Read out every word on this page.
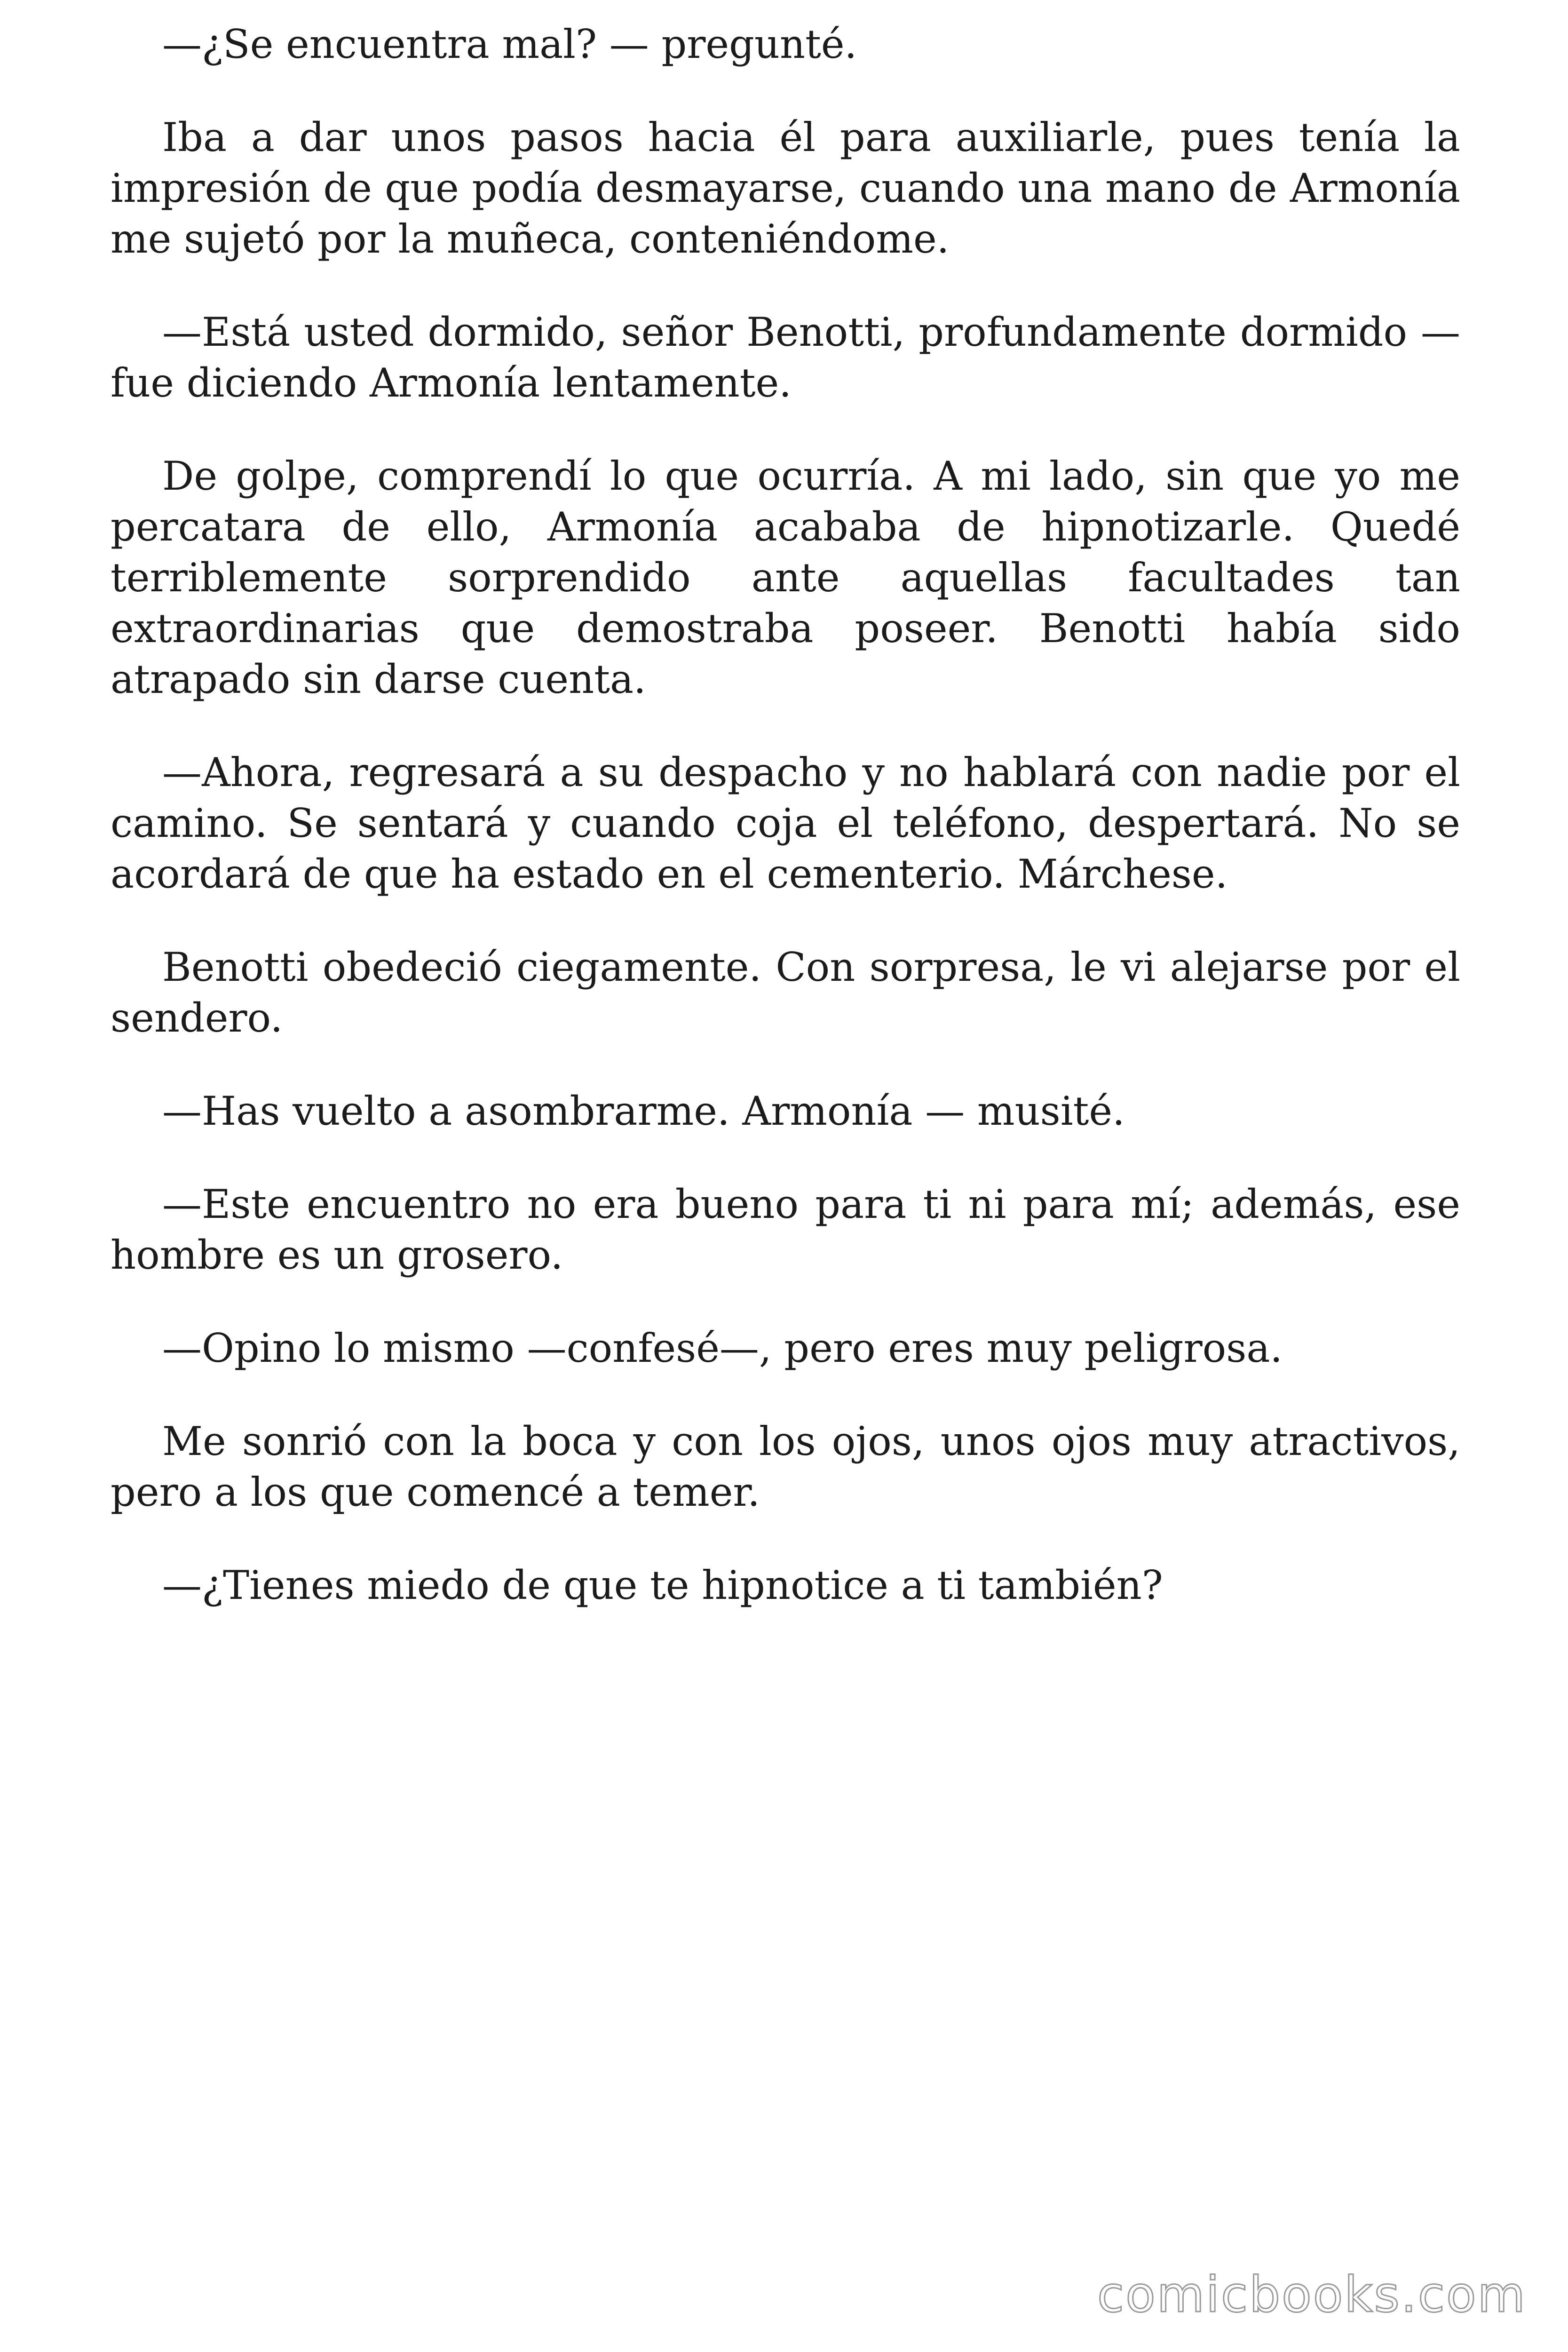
—¿Se encuentra mal? — pregunté.

Iba a dar unos pasos hacia él para auxiliarle, pues tenía la impresión de que podía desmayarse, cuando una mano de Armonía me sujetó por la muñeca, conteniéndome.

—Está usted dormido, señor Benotti, profundamente dormido —fue diciendo Armonía lentamente.

De golpe, comprendí lo que ocurría. A mi lado, sin que yo me percatara de ello, Armonía acababa de hipnotizarle. Quedé terriblemente sorprendido ante aquellas facultades tan extraordinarias que demostraba poseer. Benotti había sido atrapado sin darse cuenta.

—Ahora, regresará a su despacho y no hablará con nadie por el camino. Se sentará y cuando coja el teléfono, despertará. No se acordará de que ha estado en el cementerio. Márchese.

Benotti obedeció ciegamente. Con sorpresa, le vi alejarse por el sendero.

—Has vuelto a asombrarme. Armonía — musité.

—Este encuentro no era bueno para ti ni para mí; además, ese hombre es un grosero.

—Opino lo mismo —confesé—, pero eres muy peligrosa.

Me sonrió con la boca y con los ojos, unos ojos muy atractivos, pero a los que comencé a temer.

—¿Tienes miedo de que te hipnotice a ti también?

comicbooks.com
